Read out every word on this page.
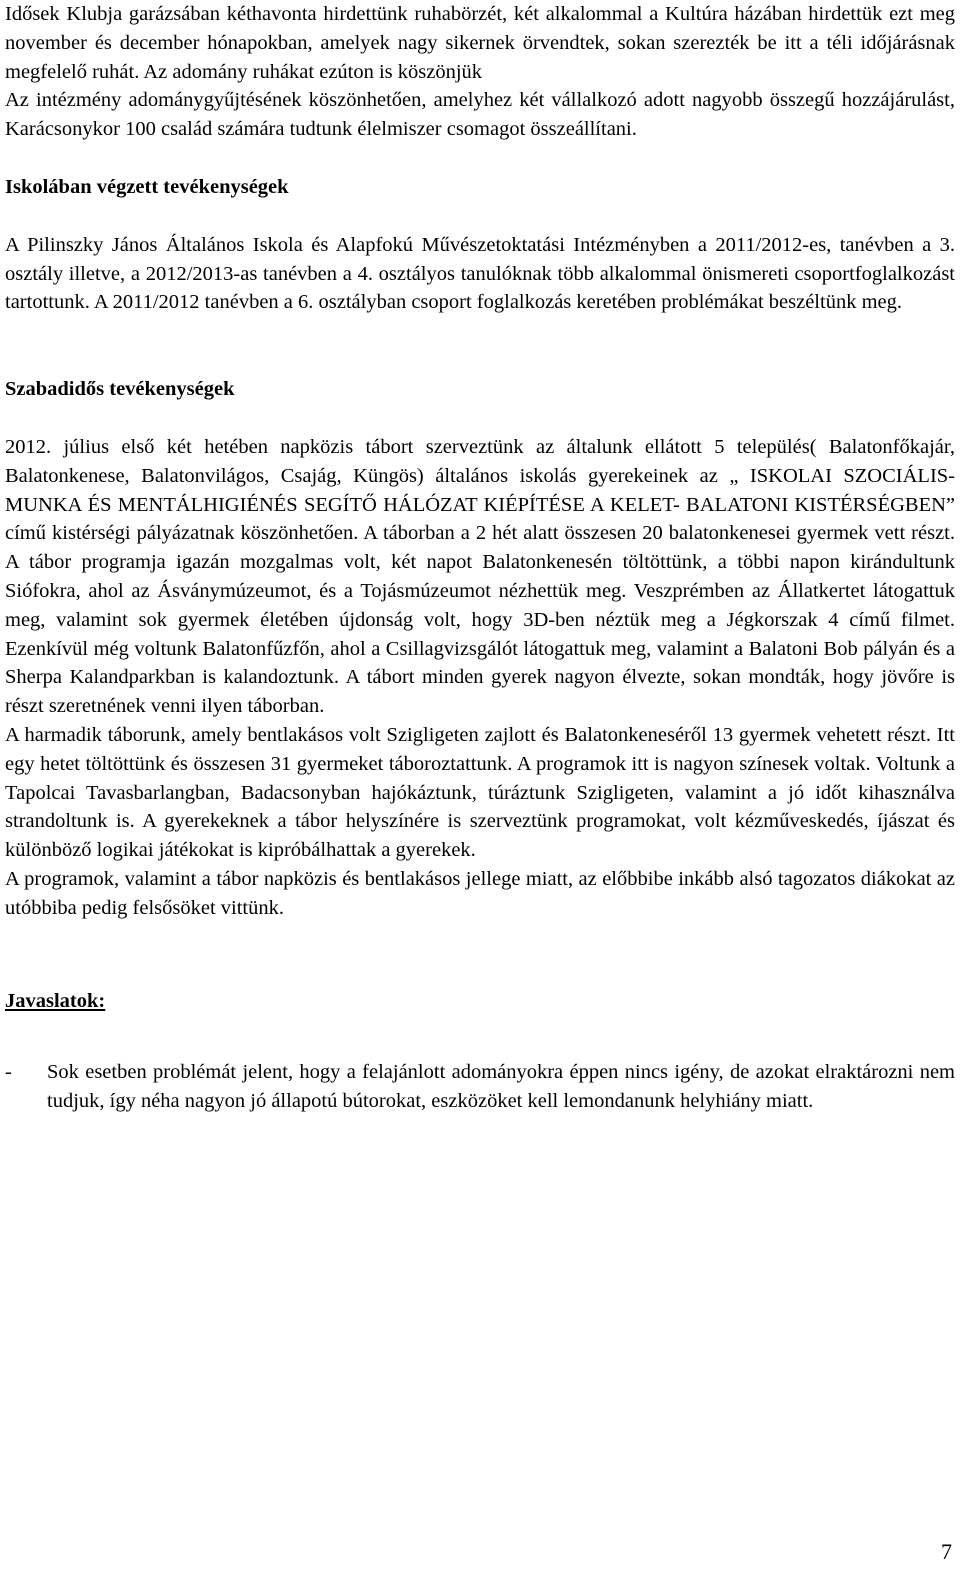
Idősek Klubja garázsában kéthavonta hirdettünk ruhabörzét, két alkalommal a Kultúra házában hirdettük ezt meg november és december hónapokban, amelyek nagy sikernek örvendtek, sokan szerezték be itt a téli időjárásnak megfelelő ruhát. Az adomány ruhákat ezúton is köszönjük

Az intézmény adománygyűjtésének köszönhetően, amelyhez két vállalkozó adott nagyobb összegű hozzájárulást, Karácsonykor 100 család számára tudtunk élelmiszer csomagot összeállítani.

Iskolában végzett tevékenységek

A Pilinszky János Általános Iskola és Alapfokú Művészetoktatási Intézményben a 2011/2012-es, tanévben a 3. osztály illetve, a 2012/2013-as tanévben a 4. osztályos tanulóknak több alkalommal önismereti csoportfoglalkozást tartottunk. A 2011/2012 tanévben a 6. osztályban csoport foglalkozás keretében problémákat beszéltünk meg.

Szabadidős tevékenységek

2012. július első két hetében napközis tábort szerveztünk az általunk ellátott 5 település( Balatonfőkajár, Balatonkenese, Balatonvilágos, Csajág, Küngös) általános iskolás gyerekeinek az „ ISKOLAI SZOCIÁLIS-MUNKA ÉS MENTÁLHIGIÉNÉS SEGÍTŐ HÁLÓZAT KIÉPÍTÉSE A KELET- BALATONI KISTÉRSÉGBEN” című kistérségi pályázatnak köszönhetően. A táborban a 2 hét alatt összesen 20 balatonkenesei gyermek vett részt. A tábor programja igazán mozgalmas volt, két napot Balatonkenesén töltöttünk, a többi napon kirándultunk Siófokra, ahol az Ásványmúzeumot, és a Tojásmúzeumot nézhettük meg. Veszprémben az Állatkertet látogattuk meg, valamint sok gyermek életében újdonság volt, hogy 3D-ben néztük meg a Jégkorszak 4 című filmet. Ezenkívül még voltunk Balatonfűzfőn, ahol a Csillagvizsgálót látogattuk meg, valamint a Balatoni Bob pályán és a Sherpa Kalandparkban is kalandoztunk. A tábort minden gyerek nagyon élvezte, sokan mondták, hogy jövőre is részt szeretnének venni ilyen táborban.

A harmadik táborunk, amely bentlakásos volt Szigligeten zajlott és Balatonkeneséről 13 gyermek vehetett részt. Itt egy hetet töltöttünk és összesen 31 gyermeket táboroztattunk. A programok itt is nagyon színesek voltak. Voltunk a Tapolcai Tavasbarlangban, Badacsonyban hajókáztunk, túráztunk Szigligeten, valamint a jó időt kihasználva strandoltunk is. A gyerekeknek a tábor helyszínére is szerveztünk programokat, volt kézműveskedés, íjászat és különböző logikai játékokat is kipróbálhattak a gyerekek.

A programok, valamint a tábor napközis és bentlakásos jellege miatt, az előbbibe inkább alsó tagozatos diákokat az utóbbiba pedig felsősöket vittünk.

Javaslatok:
-	Sok esetben problémát jelent, hogy a felajánlott adományokra éppen nincs igény, de azokat elraktározni nem tudjuk, így néha nagyon jó állapotú bútorokat, eszközöket kell lemondanunk helyhiány miatt.
7
